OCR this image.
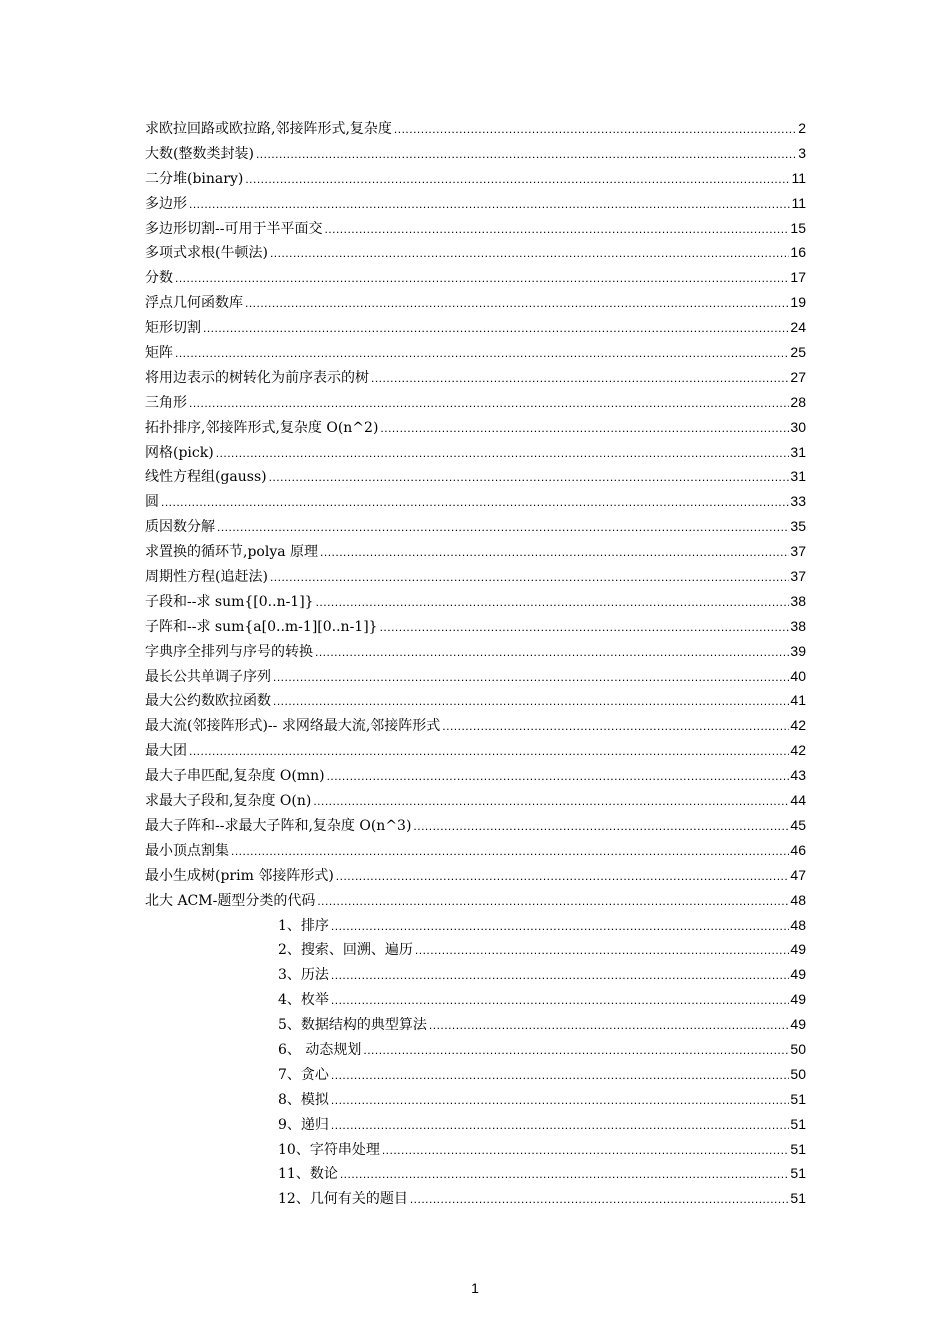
求欧拉回路或欧拉路,邻接阵形式,复杂度 .....	2
大数(整数类封装) .....	3
二分堆(binary) .....	11
多边形 .....	11
多边形切割--可用于半平面交 .....	15
多项式求根(牛顿法) .....	16
分数 .....	17
浮点几何函数库 .....	19
矩形切割 .....	24
矩阵 .....	25
将用边表示的树转化为前序表示的树 .....	27
三角形 .....	28
拓扑排序,邻接阵形式,复杂度 O(n^2) .....	30
网格(pick) .....	31
线性方程组(gauss) .....	31
圆 .....	33
质因数分解 .....	35
求置换的循环节,polya 原理 .....	37
周期性方程(追赶法) .....	37
子段和--求 sum{[0..n-1]} .....	38
子阵和--求 sum{a[0..m-1][0..n-1]} .....	38
字典序全排列与序号的转换 .....	39
最长公共单调子序列 .....	40
最大公约数欧拉函数 .....	41
最大流(邻接阵形式)-- 求网络最大流,邻接阵形式 .....	42
最大团 .....	42
最大子串匹配,复杂度 O(mn) .....	43
求最大子段和,复杂度 O(n) .....	44
最大子阵和--求最大子阵和,复杂度 O(n^3) .....	45
最小顶点割集 .....	46
最小生成树(prim 邻接阵形式) .....	47
北大 ACM-题型分类的代码 .....	48
1、排序 .....	48
2、搜索、回溯、遍历 .....	49
3、历法 .....	49
4、枚举 .....	49
5、数据结构的典型算法 .....	49
6、 动态规划 .....	50
7、贪心 .....	50
8、模拟 .....	51
9、递归 .....	51
10、字符串处理 .....	51
11、数论 .....	51
12、几何有关的题目 .....	51
1
